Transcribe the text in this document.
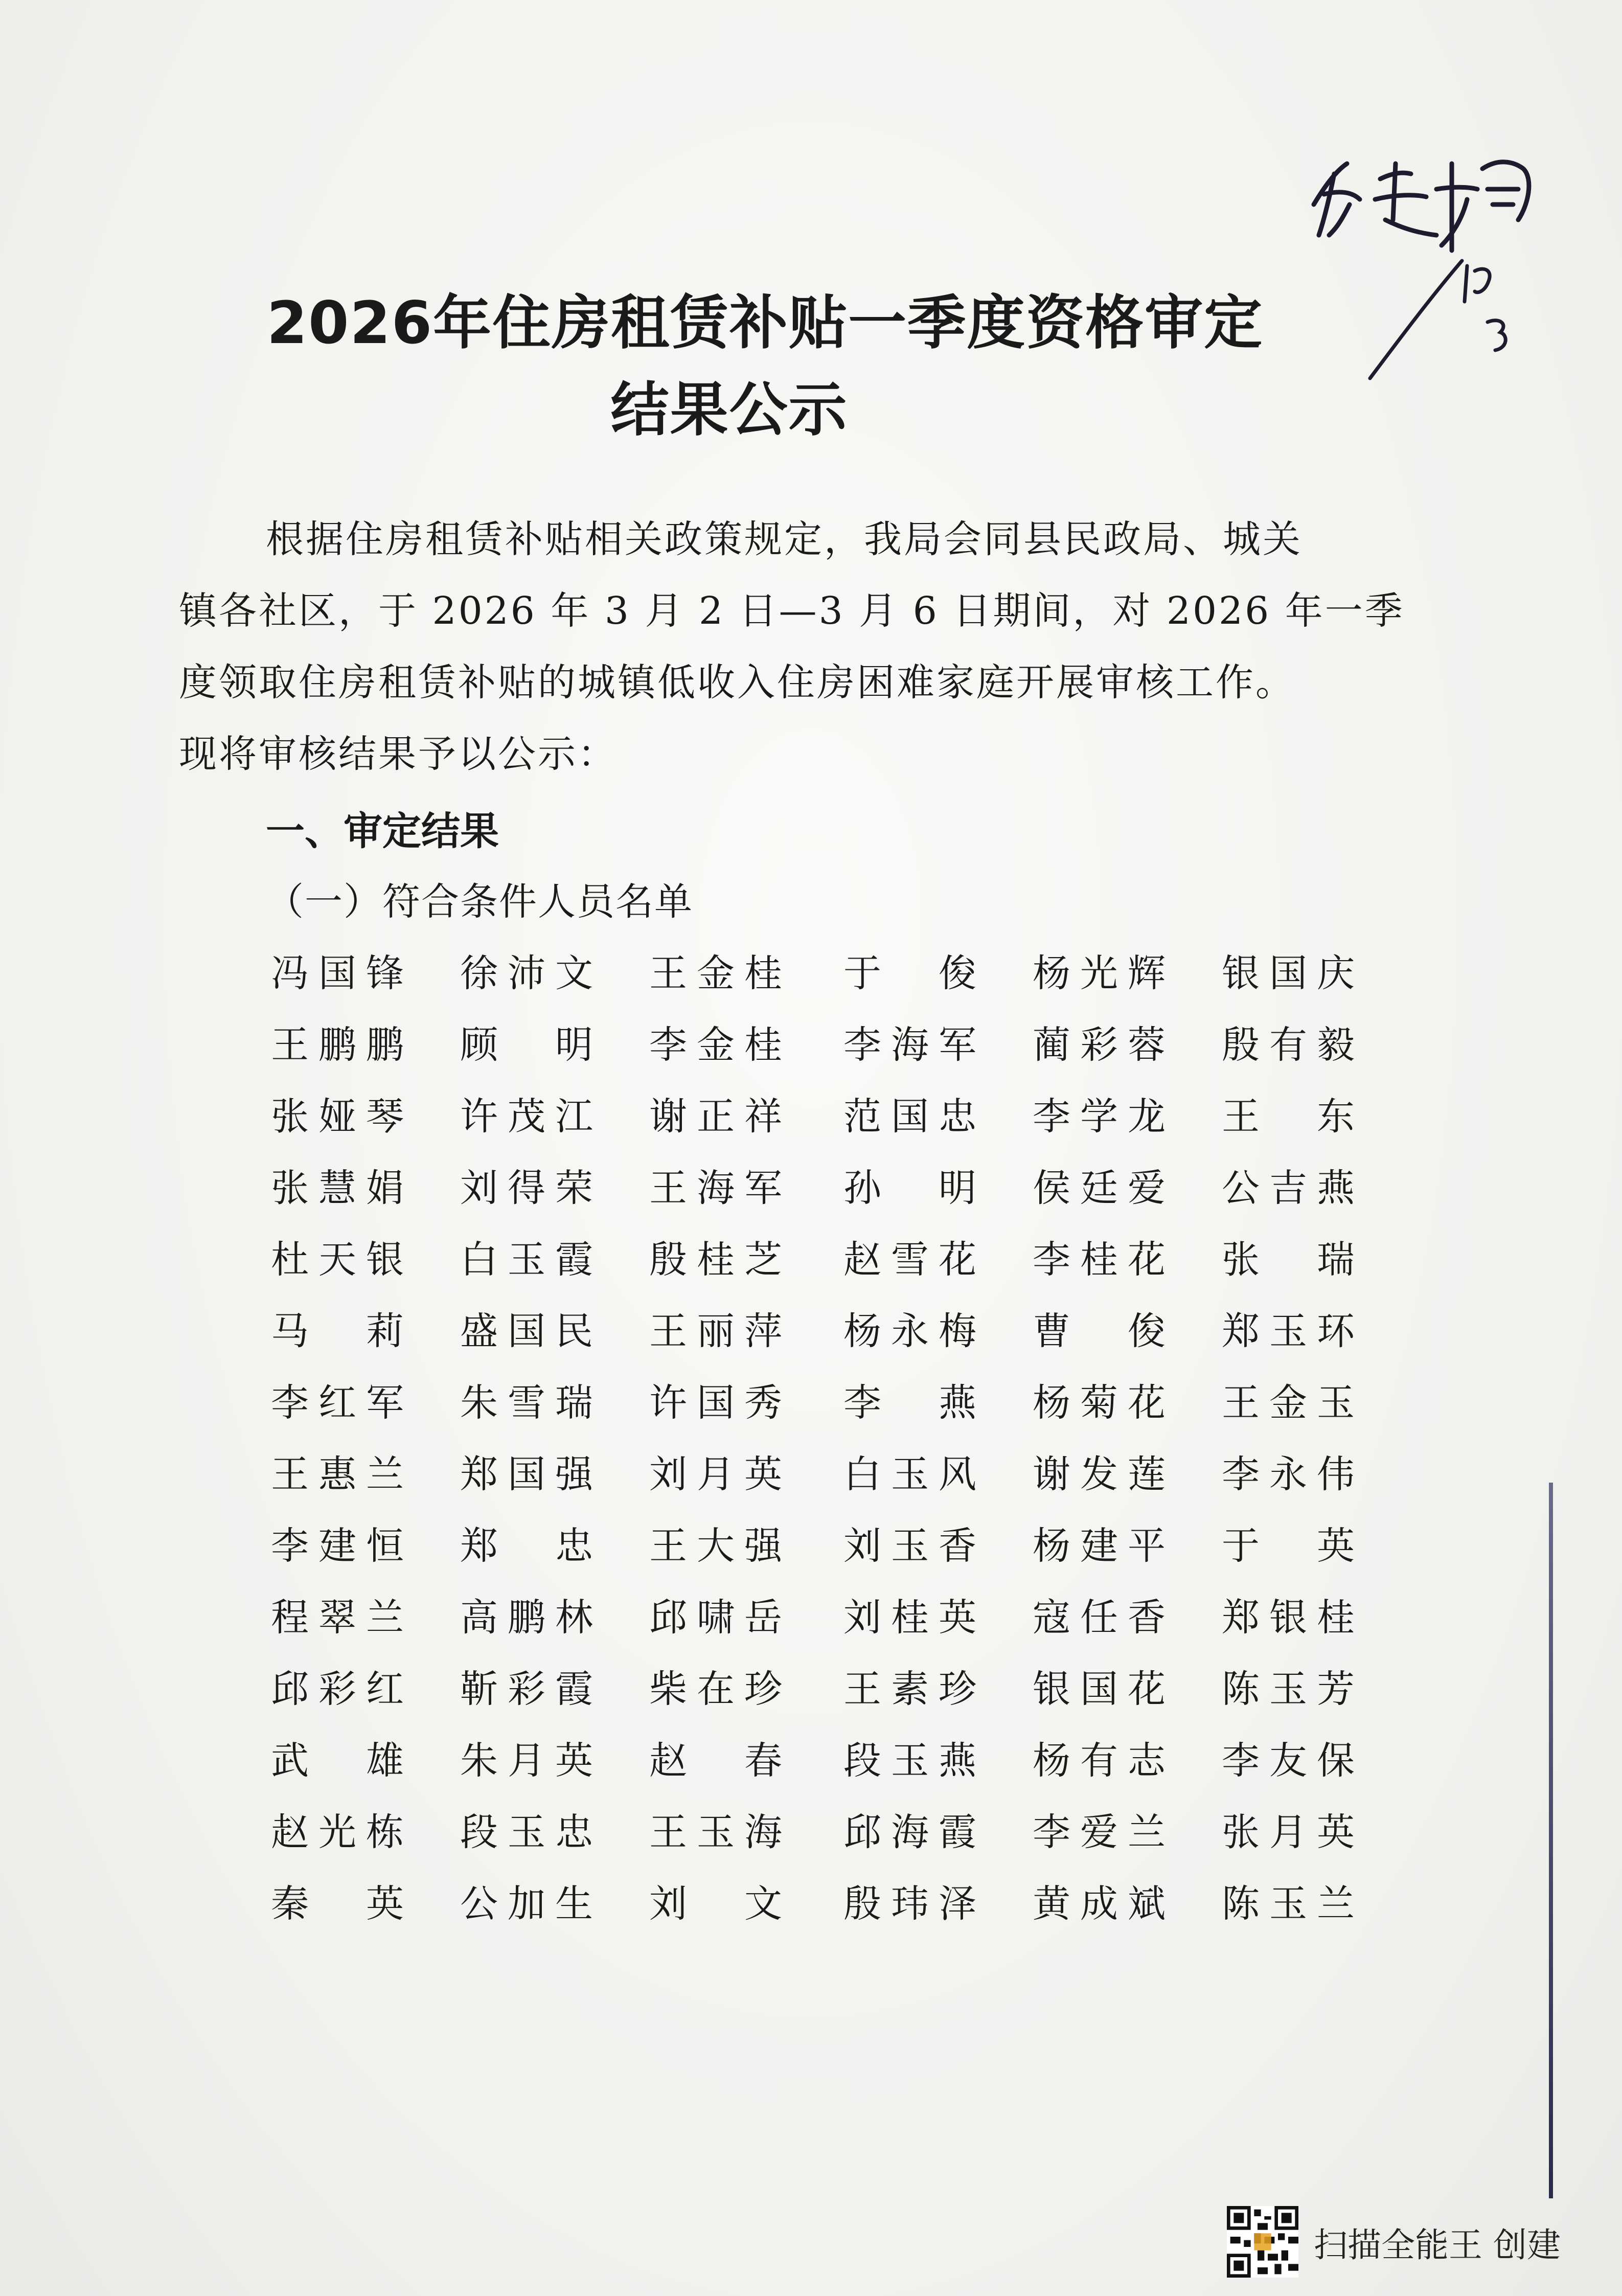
2026年住房租赁补贴一季度资格审定
结果公示
根据住房租赁补贴相关政策规定，我局会同县民政局、城关
镇各社区，于 2026 年 3 月 2 日—3 月 6 日期间，对 2026 年一季
度领取住房租赁补贴的城镇低收入住房困难家庭开展审核工作。
现将审核结果予以公示：
一、审定结果
（一）符合条件人员名单
冯国锋 徐沛文 王金桂 于俊 杨光辉 银国庆
王鹏鹏 顾明 李金桂 李海军 蔺彩蓉 殷有毅
张娅琴 许茂江 谢正祥 范国忠 李学龙 王东
张慧娟 刘得荣 王海军 孙明 侯廷爱 公吉燕
杜天银 白玉霞 殷桂芝 赵雪花 李桂花 张瑞
马莉 盛国民 王丽萍 杨永梅 曹俊 郑玉环
李红军 朱雪瑞 许国秀 李燕 杨菊花 王金玉
王惠兰 郑国强 刘月英 白玉风 谢发莲 李永伟
李建恒 郑忠 王大强 刘玉香 杨建平 于英
程翠兰 高鹏林 邱啸岳 刘桂英 寇任香 郑银桂
邱彩红 靳彩霞 柴在珍 王素珍 银国花 陈玉芳
武雄 朱月英 赵春 段玉燕 杨有志 李友保
赵光栋 段玉忠 王玉海 邱海霞 李爱兰 张月英
秦英 公加生 刘文 殷玮泽 黄成斌 陈玉兰
扫描全能王 创建
